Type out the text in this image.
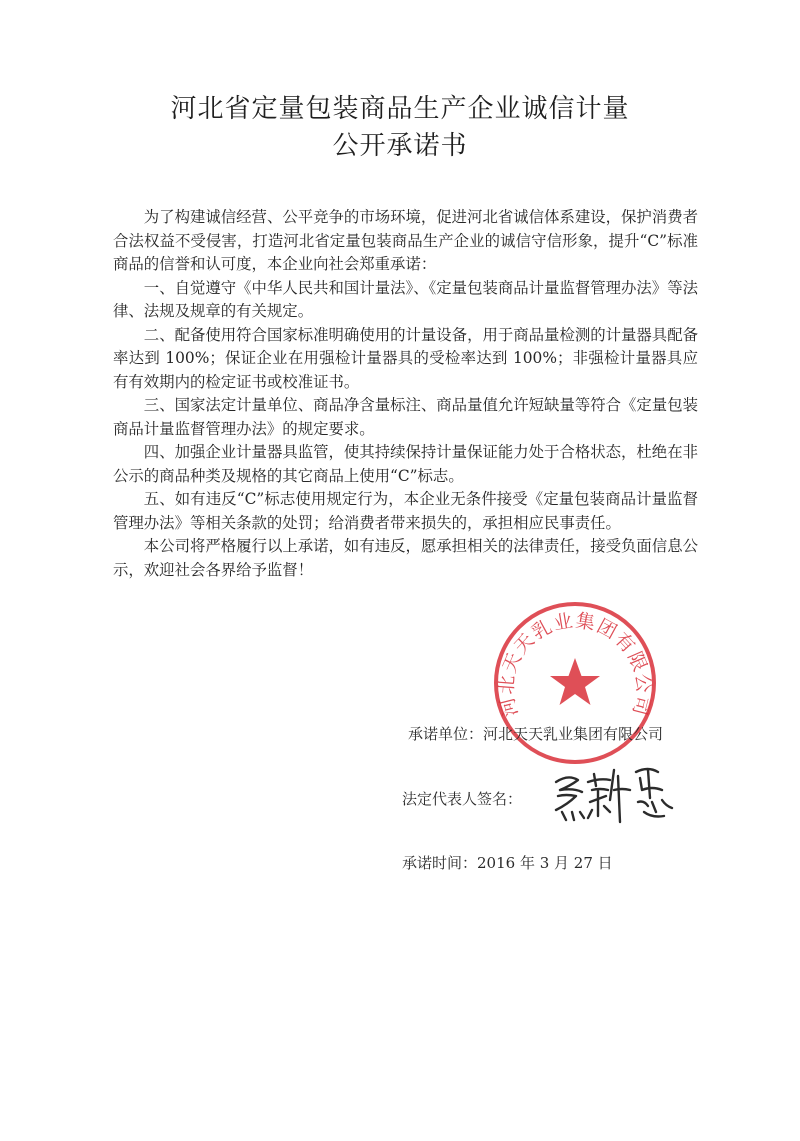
河北省定量包装商品生产企业诚信计量
公开承诺书

为了构建诚信经营、公平竞争的市场环境，促进河北省诚信体系建设，保护消费者合法权益不受侵害，打造河北省定量包装商品生产企业的诚信守信形象，提升“C”标准商品的信誉和认可度，本企业向社会郑重承诺：

一、自觉遵守《中华人民共和国计量法》、《定量包装商品计量监督管理办法》等法律、法规及规章的有关规定。

二、配备使用符合国家标准明确使用的计量设备，用于商品量检测的计量器具配备率达到 100%；保证企业在用强检计量器具的受检率达到 100%；非强检计量器具应有有效期内的检定证书或校准证书。

三、国家法定计量单位、商品净含量标注、商品量值允许短缺量等符合《定量包装商品计量监督管理办法》的规定要求。

四、加强企业计量器具监管，使其持续保持计量保证能力处于合格状态，杜绝在非公示的商品种类及规格的其它商品上使用“C”标志。

五、如有违反“C”标志使用规定行为，本企业无条件接受《定量包装商品计量监督管理办法》等相关条款的处罚；给消费者带来损失的，承担相应民事责任。

本公司将严格履行以上承诺，如有违反，愿承担相关的法律责任，接受负面信息公示，欢迎社会各界给予监督！

河北天天乳业集团有限公司
承诺单位：河北天天乳业集团有限公司
法定代表人签名：
承诺时间：2016 年 3 月 27 日
